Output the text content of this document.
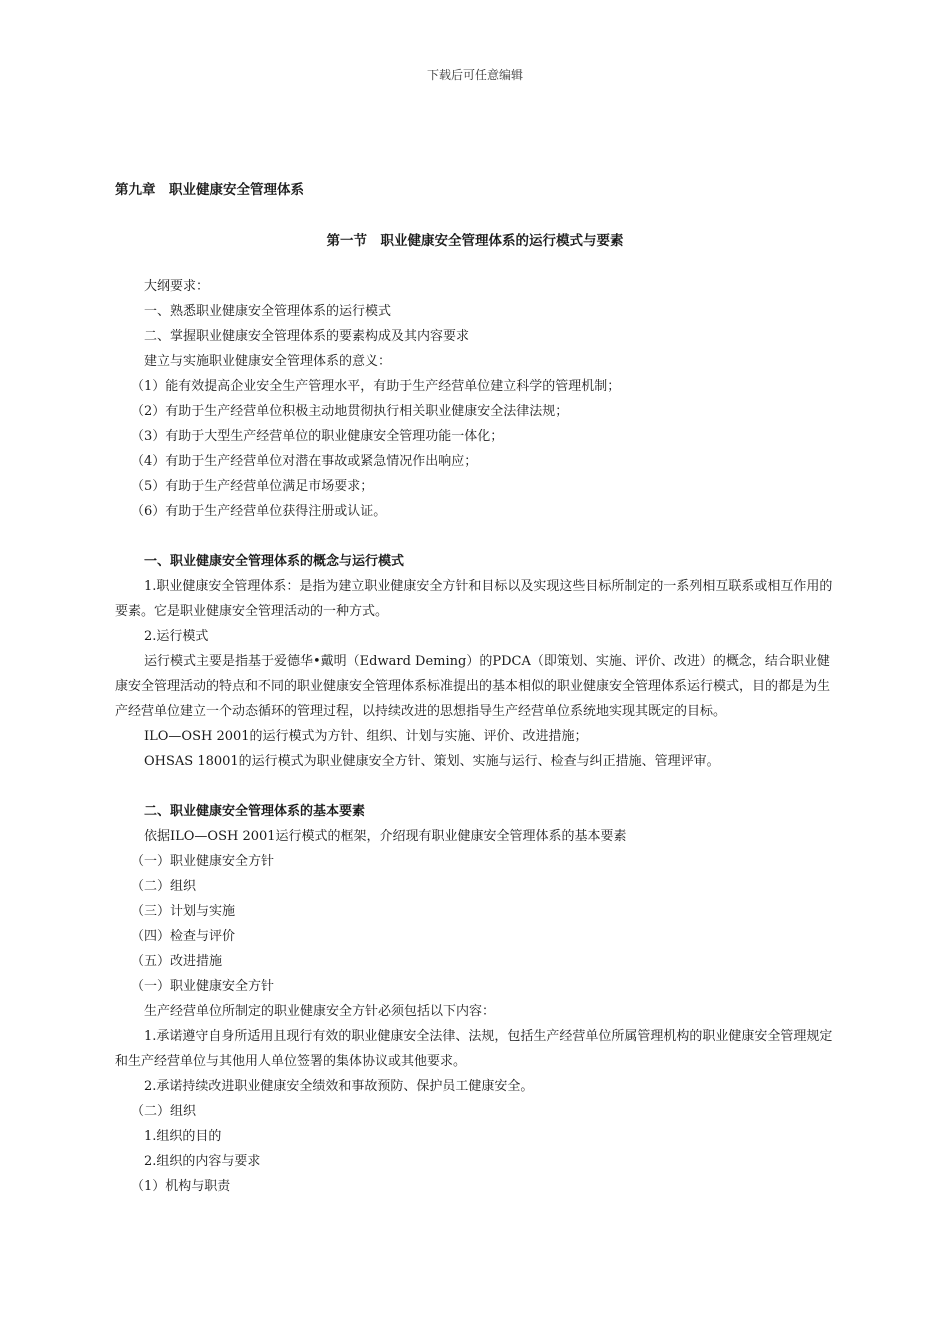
下载后可任意编辑
第九章　职业健康安全管理体系
第一节　职业健康安全管理体系的运行模式与要素

大纲要求：

一、熟悉职业健康安全管理体系的运行模式

二、掌握职业健康安全管理体系的要素构成及其内容要求

建立与实施职业健康安全管理体系的意义：

（1）能有效提高企业安全生产管理水平，有助于生产经营单位建立科学的管理机制；

（2）有助于生产经营单位积极主动地贯彻执行相关职业健康安全法律法规；

（3）有助于大型生产经营单位的职业健康安全管理功能一体化；

（4）有助于生产经营单位对潜在事故或紧急情况作出响应；

（5）有助于生产经营单位满足市场要求；

（6）有助于生产经营单位获得注册或认证。

一、职业健康安全管理体系的概念与运行模式

1.职业健康安全管理体系：是指为建立职业健康安全方针和目标以及实现这些目标所制定的一系列相互联系或相互作用的要素。它是职业健康安全管理活动的一种方式。

2.运行模式

运行模式主要是指基于爱德华•戴明（Edward Deming）的PDCA（即策划、实施、评价、改进）的概念，结合职业健康安全管理活动的特点和不同的职业健康安全管理体系标准提出的基本相似的职业健康安全管理体系运行模式，目的都是为生产经营单位建立一个动态循环的管理过程，以持续改进的思想指导生产经营单位系统地实现其既定的目标。

ILO—OSH 2001的运行模式为方针、组织、计划与实施、评价、改进措施；

OHSAS 18001的运行模式为职业健康安全方针、策划、实施与运行、检查与纠正措施、管理评审。

二、职业健康安全管理体系的基本要素

依据ILO—OSH 2001运行模式的框架，介绍现有职业健康安全管理体系的基本要素

（一）职业健康安全方针

（二）组织

（三）计划与实施

（四）检查与评价

（五）改进措施

（一）职业健康安全方针

生产经营单位所制定的职业健康安全方针必须包括以下内容：

1.承诺遵守自身所适用且现行有效的职业健康安全法律、法规，包括生产经营单位所属管理机构的职业健康安全管理规定和生产经营单位与其他用人单位签署的集体协议或其他要求。

2.承诺持续改进职业健康安全绩效和事故预防、保护员工健康安全。

（二）组织

1.组织的目的

2.组织的内容与要求

（1）机构与职责
